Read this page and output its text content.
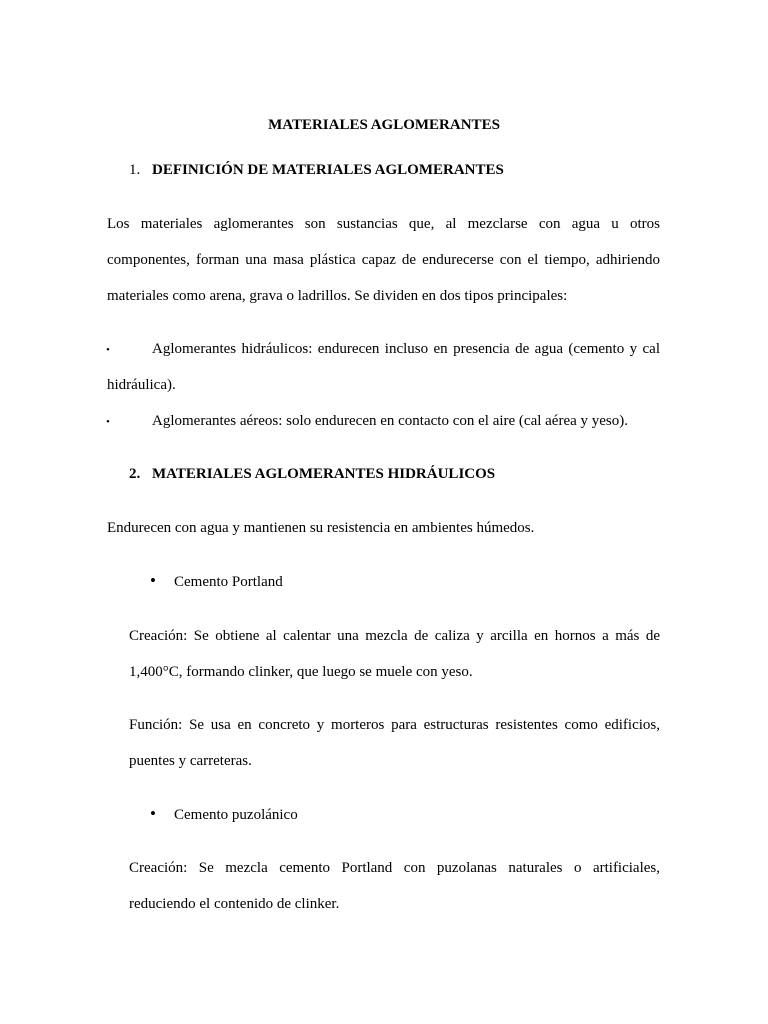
MATERIALES AGLOMERANTES
1. DEFINICIÓN DE MATERIALES AGLOMERANTES
Los materiales aglomerantes son sustancias que, al mezclarse con agua u otros
componentes, forman una masa plástica capaz de endurecerse con el tiempo, adhiriendo
materiales como arena, grava o ladrillos. Se dividen en dos tipos principales:
•	Aglomerantes hidráulicos: endurecen incluso en presencia de agua (cemento y cal
hidráulica).
•	Aglomerantes aéreos: solo endurecen en contacto con el aire (cal aérea y yeso).
2. MATERIALES AGLOMERANTES HIDRÁULICOS
Endurecen con agua y mantienen su resistencia en ambientes húmedos.
• Cemento Portland
Creación: Se obtiene al calentar una mezcla de caliza y arcilla en hornos a más de
1,400°C, formando clinker, que luego se muele con yeso.
Función: Se usa en concreto y morteros para estructuras resistentes como edificios,
puentes y carreteras.
• Cemento puzolánico
Creación: Se mezcla cemento Portland con puzolanas naturales o artificiales,
reduciendo el contenido de clinker.
